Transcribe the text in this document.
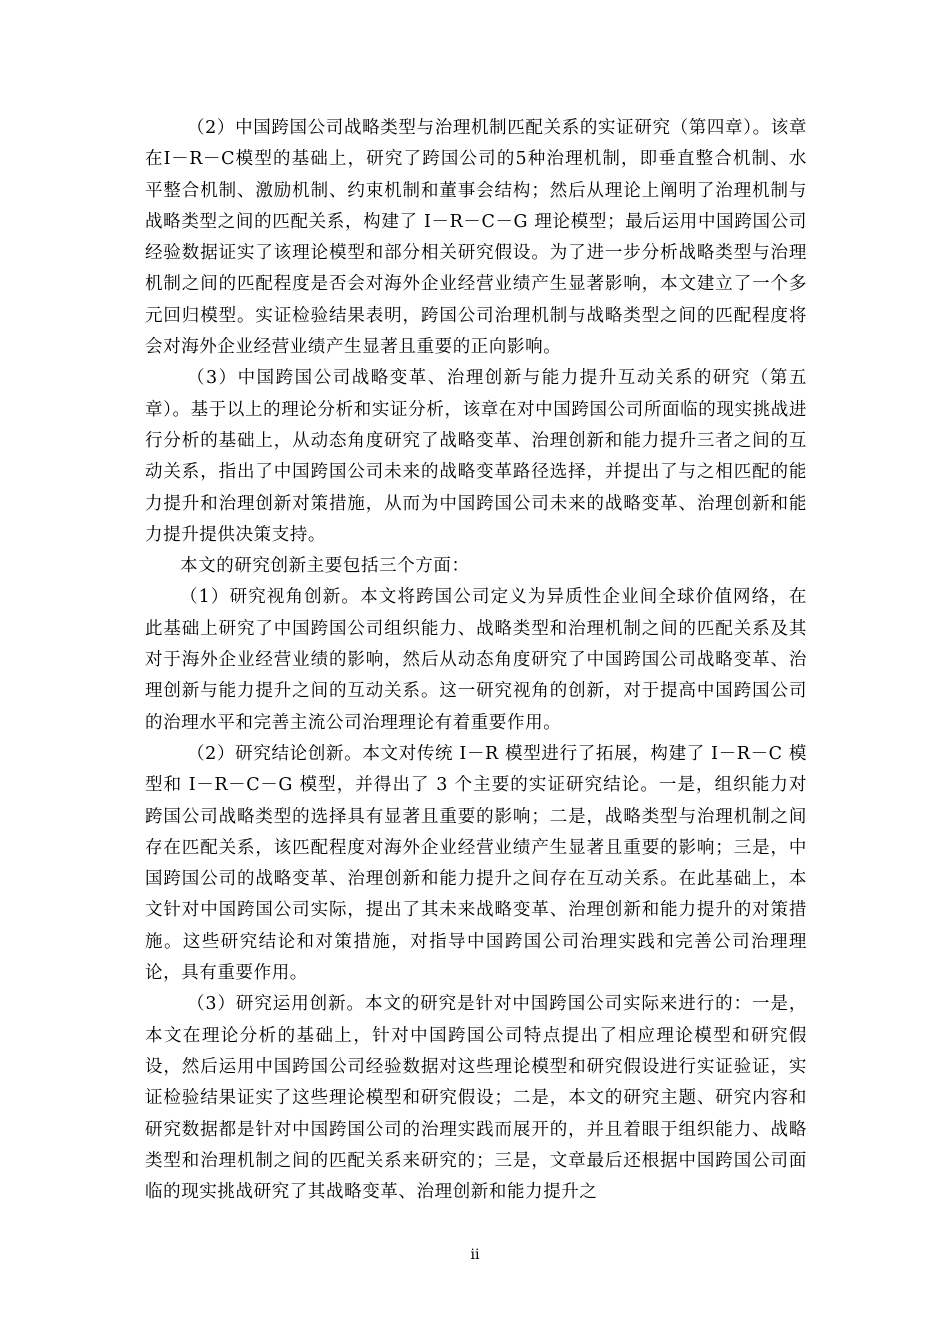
（2）中国跨国公司战略类型与治理机制匹配关系的实证研究（第四章）。该章在I－R－C模型的基础上，研究了跨国公司的5种治理机制，即垂直整合机制、水平整合机制、激励机制、约束机制和董事会结构；然后从理论上阐明了治理机制与战略类型之间的匹配关系，构建了 I－R－C－G 理论模型；最后运用中国跨国公司经验数据证实了该理论模型和部分相关研究假设。为了进一步分析战略类型与治理机制之间的匹配程度是否会对海外企业经营业绩产生显著影响，本文建立了一个多元回归模型。实证检验结果表明，跨国公司治理机制与战略类型之间的匹配程度将会对海外企业经营业绩产生显著且重要的正向影响。

（3）中国跨国公司战略变革、治理创新与能力提升互动关系的研究（第五章）。基于以上的理论分析和实证分析，该章在对中国跨国公司所面临的现实挑战进行分析的基础上，从动态角度研究了战略变革、治理创新和能力提升三者之间的互动关系，指出了中国跨国公司未来的战略变革路径选择，并提出了与之相匹配的能力提升和治理创新对策措施，从而为中国跨国公司未来的战略变革、治理创新和能力提升提供决策支持。

本文的研究创新主要包括三个方面：

（1）研究视角创新。本文将跨国公司定义为异质性企业间全球价值网络，在此基础上研究了中国跨国公司组织能力、战略类型和治理机制之间的匹配关系及其对于海外企业经营业绩的影响，然后从动态角度研究了中国跨国公司战略变革、治理创新与能力提升之间的互动关系。这一研究视角的创新，对于提高中国跨国公司的治理水平和完善主流公司治理理论有着重要作用。

（2）研究结论创新。本文对传统 I－R 模型进行了拓展，构建了 I－R－C 模型和 I－R－C－G 模型，并得出了 3 个主要的实证研究结论。一是，组织能力对跨国公司战略类型的选择具有显著且重要的影响；二是，战略类型与治理机制之间存在匹配关系，该匹配程度对海外企业经营业绩产生显著且重要的影响；三是，中国跨国公司的战略变革、治理创新和能力提升之间存在互动关系。在此基础上，本文针对中国跨国公司实际，提出了其未来战略变革、治理创新和能力提升的对策措施。这些研究结论和对策措施，对指导中国跨国公司治理实践和完善公司治理理论，具有重要作用。

（3）研究运用创新。本文的研究是针对中国跨国公司实际来进行的：一是，本文在理论分析的基础上，针对中国跨国公司特点提出了相应理论模型和研究假设，然后运用中国跨国公司经验数据对这些理论模型和研究假设进行实证验证，实证检验结果证实了这些理论模型和研究假设；二是，本文的研究主题、研究内容和研究数据都是针对中国跨国公司的治理实践而展开的，并且着眼于组织能力、战略类型和治理机制之间的匹配关系来研究的；三是，文章最后还根据中国跨国公司面临的现实挑战研究了其战略变革、治理创新和能力提升之

ii
